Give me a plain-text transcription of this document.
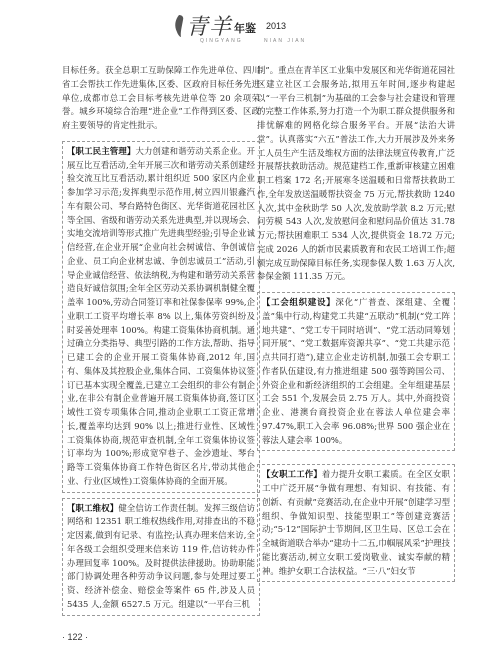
青羊 年鉴 2013
QINGYANG	NIAN JIAN

目标任务。获全总职工互助保障工作先进单位、四川省工会帮扶工作先进集体,区委、区政府目标任务先进单位,成都市总工会目标考核先进单位等 20 余项荣誉。城乡环境综合治理“进企业”工作得到区委、区政府主要领导的肯定性批示。

【职工民主管理】大力创建和谐劳动关系企业。开展互比互看活动,全年开展三次和谐劳动关系创建经验交流互比互看活动,累计组织近 500 家区内企业参加学习示范;发挥典型示范作用,树立四川银鑫汽车有限公司、琴台路特色街区、光华街道花园社区等全国、省级和谐劳动关系先进典型,并以现场会、实地交流培训等形式推广先进典型经验;引导企业诚信经营,在企业开展“企业向社会树诚信、争创诚信企业、员工向企业树忠诚、争创忠诚员工”活动,引导企业诚信经营、依法纳税,为构建和谐劳动关系营造良好诚信氛围;全年全区劳动关系协调机制健全覆盖率 100%,劳动合同签订率和社保参保率 99%,企业职工工资平均增长率 8% 以上,集体劳资纠纷及时妥善处理率 100%。构建工资集体协商机制。通过确立分类指导、典型引路的工作方法,帮助、指导已建工会的企业开展工资集体协商,2012 年,国有、集体及其控股企业,集体合同、工资集体协议签订已基本实现全覆盖,已建立工会组织的非公有制企业,在非公有制企业普遍开展工资集体协商,签订区域性工资专项集体合同,推动企业职工工资正常增长,覆盖率均达到 90% 以上;推进行业性、区域性工资集体协商,规范审查机制,全年工资集体协议签订率均为 100%;形成宽窄巷子、金沙遗址、琴台路等工资集体协商工作特色街区名片,带动其他企业、行业(区域性)工资集体协商的全面开展。

【职工维权】健全信访工作责任制。发挥三级信访网络和 12351 职工维权热线作用,对排查出的不稳定因素,做到有记录、有监控;认真办理来信来访,全年各级工会组织受理来信来访 119 件,信访转办件办理回复率 100%。及时提供法律援助。协助职能部门协调处理各种劳动争议问题,参与处理过要工资、经济补偿金、赔偿金等案件 65 件,涉及人员 5435 人,金额 6527.5 万元。组建以“一平台三机

制”。重点在青羊区工业集中发展区和光华街道花园社区建立社区工会服务站,拟用五年时间,逐步构建起以“一平台三机制”为基础的工会参与社会建设和管理的完整工作体系,努力打造一个为职工群众提供服务和排忧解难的网格化综合服务平台。开展“法治大讲堂”。认真落实“六五”普法工作,大力开展涉及外来务工人员生产生活及维权方面的法律法规宣传教育,广泛开展帮扶救助活动。规范建档工作,重新审核建立困难职工档案 172 名;开展寒冬送温暖和日常帮扶救助工作,全年发放送温暖帮扶资金 75 万元,帮扶救助 1240 人次,其中金秋助学 50 人次,发放助学款 8.2 万元;慰问劳模 543 人次,发放慰问金和慰问品价值达 31.78 万元;帮扶困难职工 534 人次,提供资金 18.72 万元;完成 2026 人的新市民素质教育和农民工培训工作;超额完成互助保障目标任务,实现参保人数 1.63 万人次,参保金额 111.35 万元。

【工会组织建设】深化“广普查、深组建、全覆盖”集中行动,构建党工共建“五联动”机制(“党工阵地共建”、“党工专干同时培训”、“党工活动同筹划同开展”、“党工数据库资源共享”、“党工共建示范点共同打造”),建立企业走访机制,加强工会专职工作者队伍建设,有力推进组建 500 强等跨国公司、外资企业和新经济组织的工会组建。全年组建基层工会 551 个,发展会员 2.75 万人。其中,外商投资企业、港澳台商投资企业在蓉法人单位建会率 97.47%,职工入会率 96.08%;世界 500 强企业在蓉法人建会率 100%。

【女职工工作】着力提升女职工素质。在全区女职工中广泛开展“争做有理想、有知识、有技能、有创新、有贡献”竞赛活动,在企业中开展“创建学习型组织、争做知识型、技能型职工”等创建竞赛活动;“5·12”国际护士节期间,区卫生局、区总工会在全城街道联合举办“建功十二五,巾帼展风采”护理技能比赛活动,树立女职工爱岗敬业、诚实奉献的精神。维护女职工合法权益。“三·八”妇女节

· 122 ·
